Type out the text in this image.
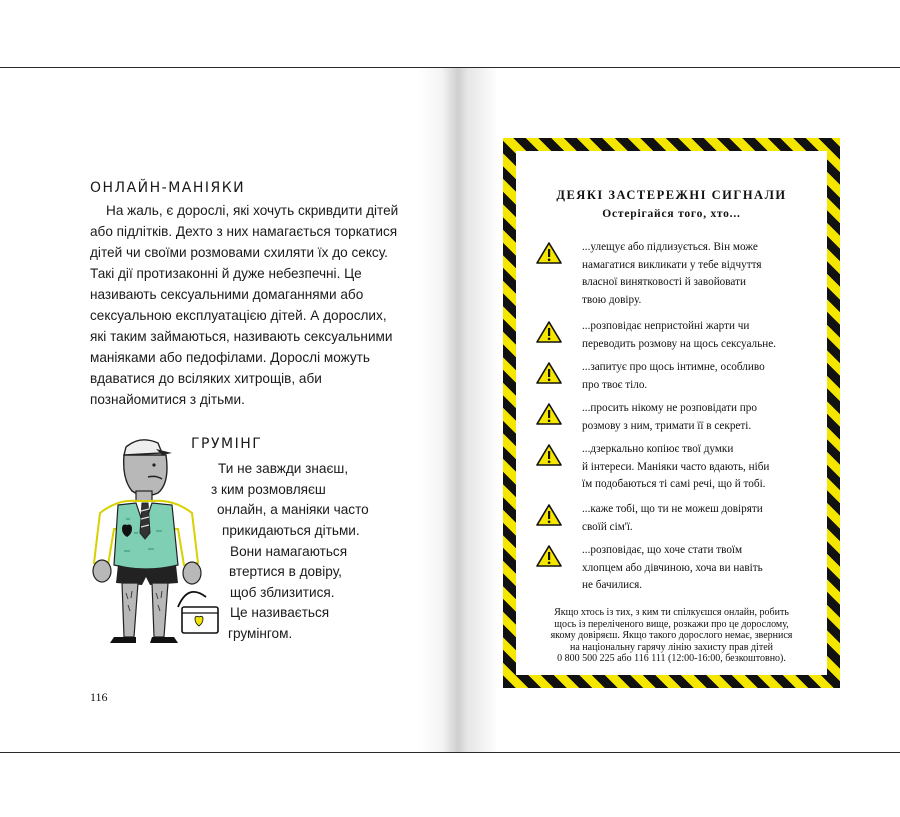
ОНЛАЙН-МАНІЯКИ

На жаль, є дорослі, які хочуть скривдити дітей

або підлітків. Дехто з них намагається торкатися
дітей чи своїми розмовами схиляти їх до сексу.
Такі дії протизаконні й дуже небезпечні. Це
називають сексуальними домаганнями або
сексуальною експлуатацією дітей. А дорослих,
які таким займаються, називають сексуальними
маніяками або педофілами. Дорослі можуть
вдаватися до всіляких хитрощів, аби
познайомитися з дітьми.
ГРУМІНГ
Ти не завжди знаєш,
з ким розмовляєш
онлайн, а маніяки часто
прикидаються дітьми.
Вони намагаються
втертися в довіру,
щоб зблизитися.
Це називається
грумінгом.
116
ДЕЯКІ ЗАСТЕРЕЖНІ СИГНАЛИ
Остерігайся того, хто...
...улещує або підлизується. Він може
намагатися викликати у тебе відчуття
власної винятковості й завойовати
твою довіру.
...розповідає непристойні жарти чи
переводить розмову на щось сексуальне.
...запитує про щось інтимне, особливо
про твоє тіло.
...просить нікому не розповідати про
розмову з ним, тримати її в секреті.
...дзеркально копіює твої думки
й інтереси. Маніяки часто вдають, ніби
їм подобаються ті самі речі, що й тобі.
...каже тобі, що ти не можеш довіряти
своїй сім'ї.
...розповідає, що хоче стати твоїм
хлопцем або дівчиною, хоча ви навіть
не бачилися.
Якщо хтось із тих, з ким ти спілкуєшся онлайн, робить
щось із переліченого вище, розкажи про це дорослому,
якому довіряєш. Якщо такого дорослого немає, звернися
на національну гарячу лінію захисту прав дітей
0 800 500 225 або 116 111 (12:00-16:00, безкоштовно).
